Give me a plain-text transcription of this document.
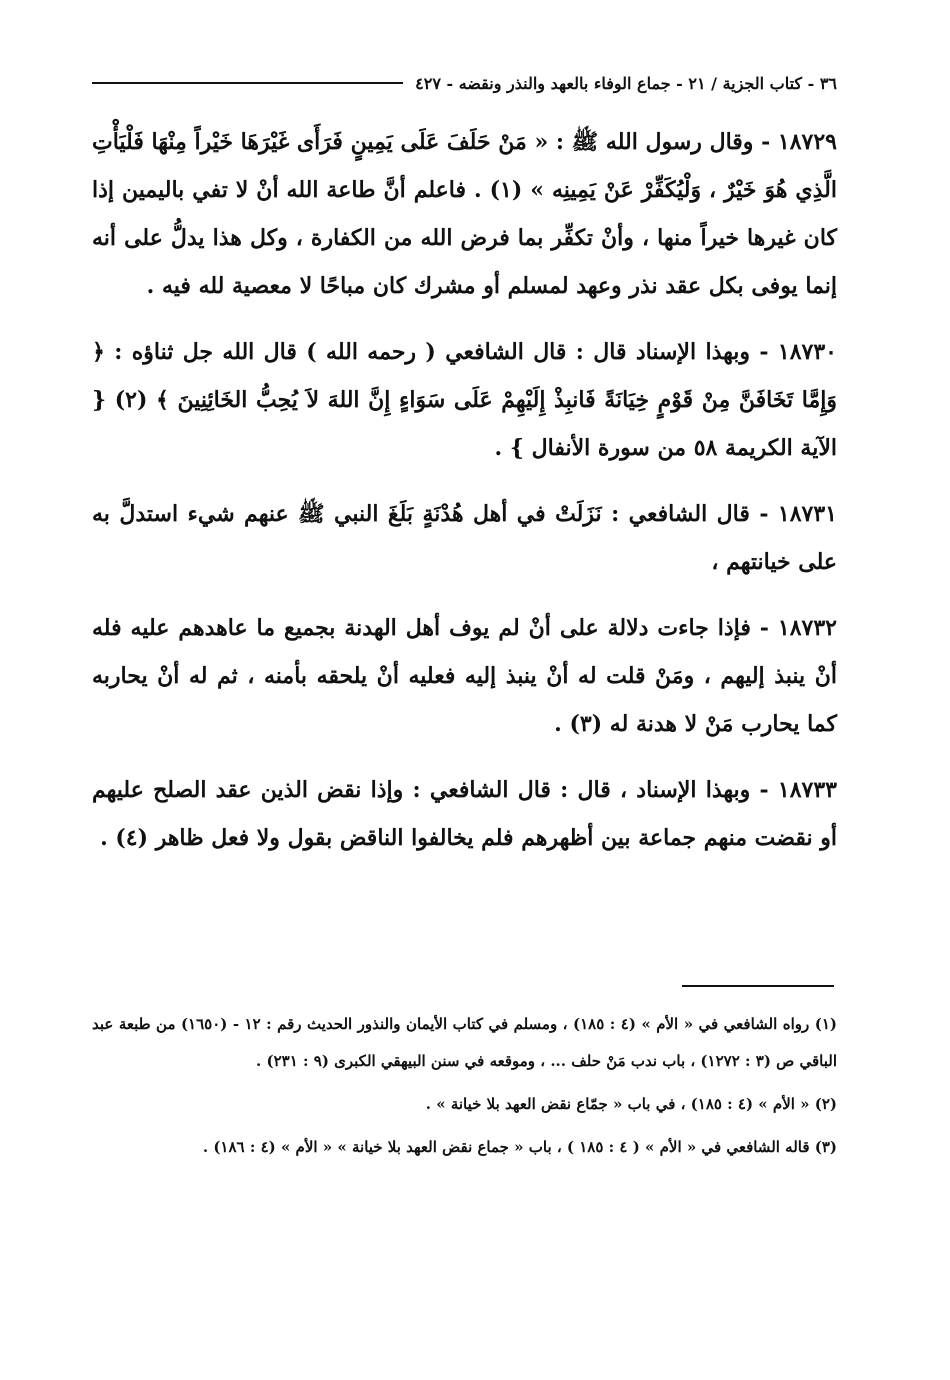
٣٦ - كتاب الجزية / ٢١ - جماع الوفاء بالعهد والنذر ونقضه - ٤٢٧

١٨٧٢٩ - وقال رسول الله ﷺ : « مَنْ حَلَفَ عَلَى يَمِينٍ فَرَأَى غَيْرَهَا خَيْراً مِنْهَا فَلْيَأْتِ الَّذِي هُوَ خَيْرٌ ، وَلْيُكَفِّرْ عَنْ يَمِينِه » (١) . فاعلم أنَّ طاعة الله أنْ لا تفي باليمين إذا كان غيرها خيراً منها ، وأنْ تكفِّر بما فرض الله من الكفارة ، وكل هذا يدلُّ على أنه إنما يوفى بكل عقد نذر وعهد لمسلم أو مشرك كان مباحًا لا معصية لله فيه .

١٨٧٣٠ - وبهذا الإسناد قال : قال الشافعي ( رحمه الله ) قال الله جل ثناؤه : ﴿ وَإِمَّا تَخَافَنَّ مِنْ قَوْمٍ خِيَانَةً فَانبِذْ إِلَيْهِمْ عَلَى سَوَاءٍ إِنَّ اللهَ لاَ يُحِبُّ الخَائِنِينَ ﴾ (٢) { الآية الكريمة ٥٨ من سورة الأنفال } .

١٨٧٣١ - قال الشافعي : نَزَلَتْ في أهل هُدْنَةٍ بَلَغَ النبي ﷺ عنهم شيء استدلَّ به على خيانتهم ،

١٨٧٣٢ - فإذا جاءت دلالة على أنْ لم يوف أهل الهدنة بجميع ما عاهدهم عليه فله أنْ ينبذ إليهم ، ومَنْ قلت له أنْ ينبذ إليه فعليه أنْ يلحقه بأمنه ، ثم له أنْ يحاربه كما يحارب مَنْ لا هدنة له (٣) .

١٨٧٣٣ - وبهذا الإسناد ، قال : قال الشافعي : وإذا نقض الذين عقد الصلح عليهم أو نقضت منهم جماعة بين أظهرهم فلم يخالفوا الناقض بقول ولا فعل ظاهر (٤) .

(١) رواه الشافعي في « الأم » (٤ : ١٨٥) ، ومسلم في كتاب الأيمان والنذور الحديث رقم : ١٢ - (١٦٥٠) من طبعة عبد الباقي ص (٣ : ١٢٧٢) ، باب ندب مَنْ حلف ... ، وموقعه في سنن البيهقي الكبرى (٩ : ٢٣١) .

(٢) « الأم » (٤ : ١٨٥) ، في باب « جمّاع نقض العهد بلا خيانة » .

(٣) قاله الشافعي في « الأم » ( ٤ : ١٨٥ ) ، باب « جماع نقض العهد بلا خيانة » « الأم » (٤ : ١٨٦) .
